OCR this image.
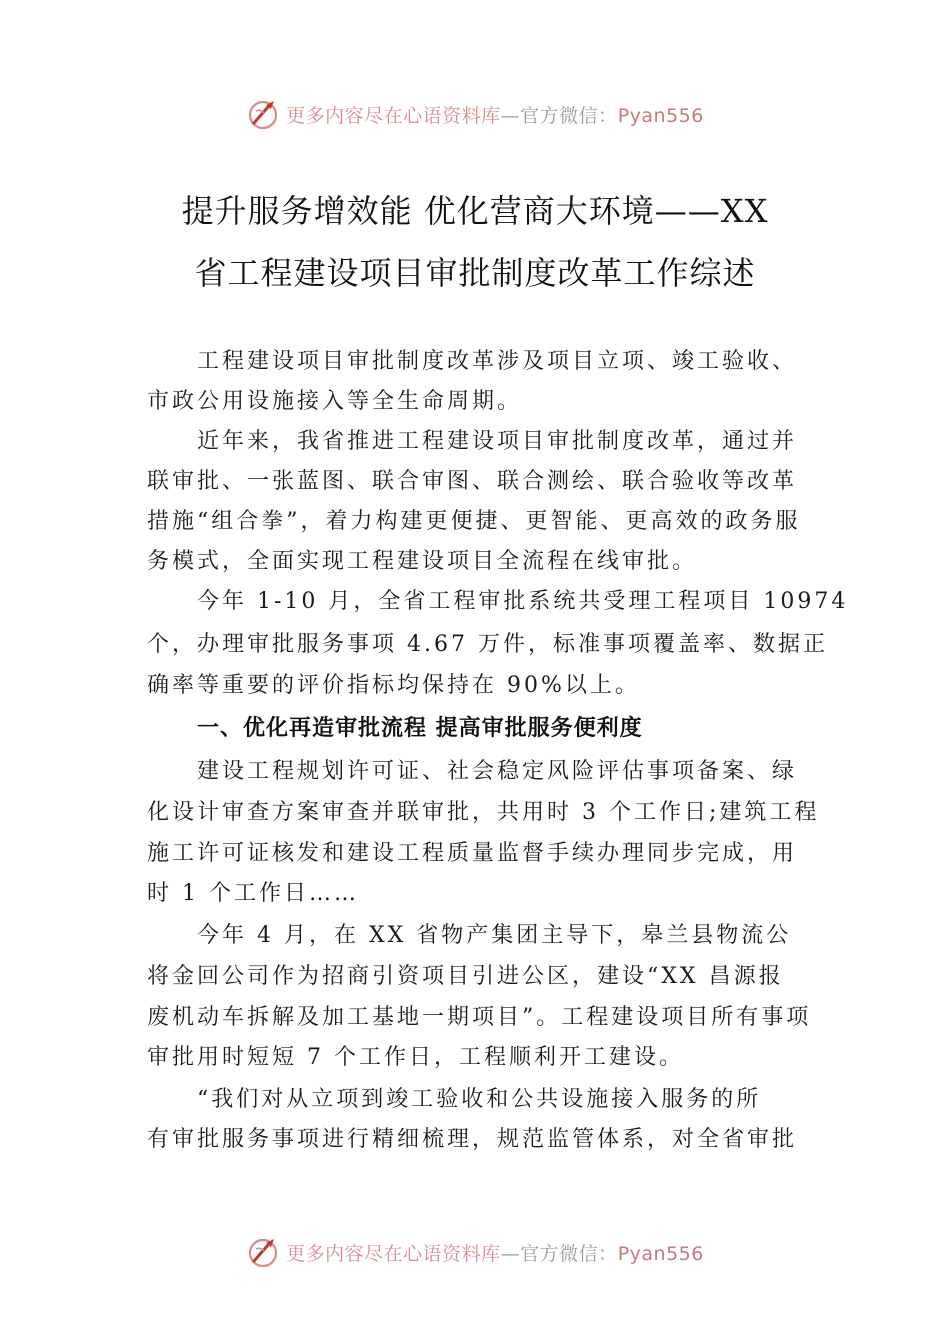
更多内容尽在心语资料库—官方微信：Pyan556
提升服务增效能 优化营商大环境——XX
省工程建设项目审批制度改革工作综述
工程建设项目审批制度改革涉及项目立项、竣工验收、
市政公用设施接入等全生命周期。
近年来，我省推进工程建设项目审批制度改革，通过并
联审批、一张蓝图、联合审图、联合测绘、联合验收等改革
措施“组合拳”，着力构建更便捷、更智能、更高效的政务服
务模式，全面实现工程建设项目全流程在线审批。
今年 1-10 月，全省工程审批系统共受理工程项目 10974
个，办理审批服务事项 4.67 万件，标准事项覆盖率、数据正
确率等重要的评价指标均保持在 90%以上。
一、优化再造审批流程 提高审批服务便利度
建设工程规划许可证、社会稳定风险评估事项备案、绿
化设计审查方案审查并联审批，共用时 3 个工作日;建筑工程
施工许可证核发和建设工程质量监督手续办理同步完成，用
时 1 个工作日……
今年 4 月，在 XX 省物产集团主导下，皋兰县物流公
将金回公司作为招商引资项目引进公区，建设“XX 昌源报
废机动车拆解及加工基地一期项目”。工程建设项目所有事项
审批用时短短 7 个工作日，工程顺利开工建设。
“我们对从立项到竣工验收和公共设施接入服务的所
有审批服务事项进行精细梳理，规范监管体系，对全省审批
更多内容尽在心语资料库—官方微信：Pyan556
